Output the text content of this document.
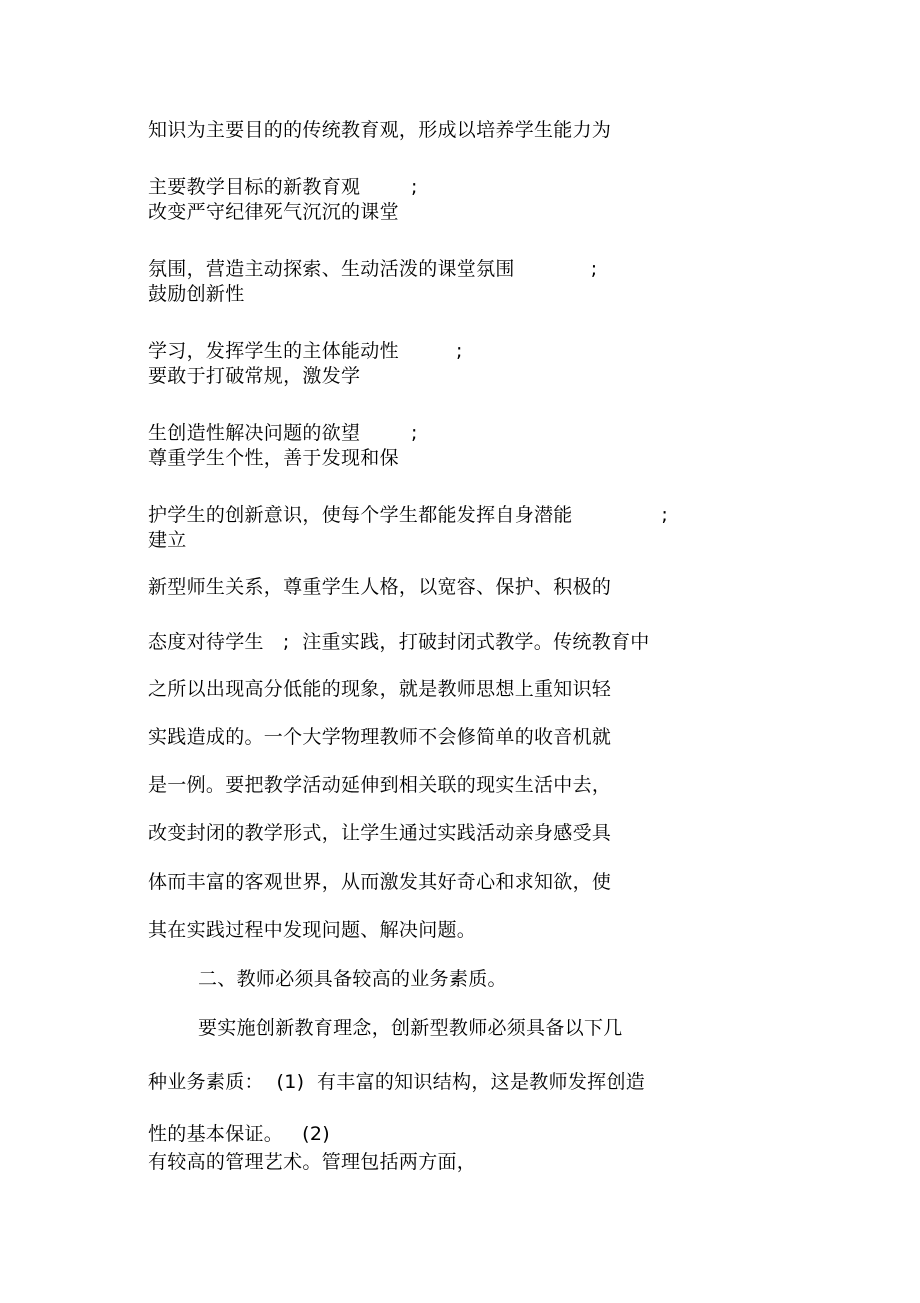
知识为主要目的的传统教育观，形成以培养学生能力为
主要教学目标的新教育观        ;
改变严守纪律死气沉沉的课堂
氛围，营造主动探索、生动活泼的课堂氛围            ;
鼓励创新性
学习，发挥学生的主体能动性         ;
要敢于打破常规，激发学
生创造性解决问题的欲望        ;
尊重学生个性，善于发现和保
护学生的创新意识，使每个学生都能发挥自身潜能              ;
建立
新型师生关系，尊重学生人格，以宽容、保护、积极的
态度对待学生   ;  注重实践，打破封闭式教学。传统教育中
之所以出现高分低能的现象，就是教师思想上重知识轻
实践造成的。一个大学物理教师不会修简单的收音机就
是一例。要把教学活动延伸到相关联的现实生活中去，
改变封闭的教学形式，让学生通过实践活动亲身感受具
体而丰富的客观世界，从而激发其好奇心和求知欲，使
其在实践过程中发现问题、解决问题。
二、教师必须具备较高的业务素质。
要实施创新教育理念，创新型教师必须具备以下几
种业务素质：  (1)  有丰富的知识结构，这是教师发挥创造
性的基本保证。   (2)
有较高的管理艺术。管理包括两方面，
